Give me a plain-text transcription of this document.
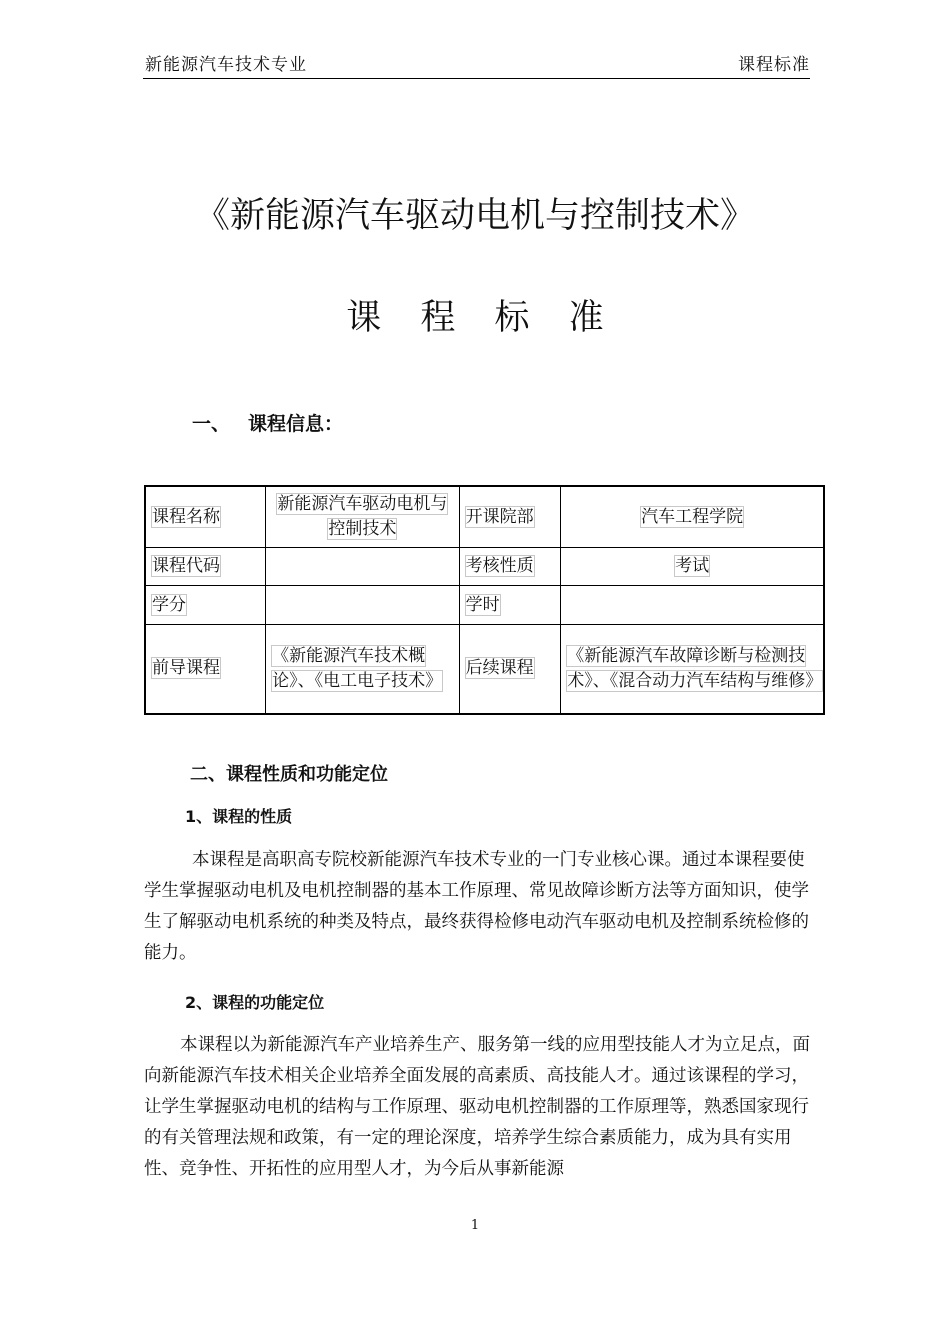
新能源汽车技术专业	课程标准
《新能源汽车驱动电机与控制技术》
课 程 标 准
一、 课程信息：
课程名称	新能源汽车驱动电机与控制技术	开课院部	汽车工程学院
课程代码		考核性质	考试
学分		学时	
前导课程	《新能源汽车技术概论》、《电工电子技术》	后续课程	《新能源汽车故障诊断与检测技术》、《混合动力汽车结构与维修》
二、课程性质和功能定位
1、课程的性质

本课程是高职高专院校新能源汽车技术专业的一门专业核心课。通过本课程要使学生掌握驱动电机及电机控制器的基本工作原理、常见故障诊断方法等方面知识，使学生了解驱动电机系统的种类及特点，最终获得检修电动汽车驱动电机及控制系统检修的能力。

2、课程的功能定位

本课程以为新能源汽车产业培养生产、服务第一线的应用型技能人才为立足点，面向新能源汽车技术相关企业培养全面发展的高素质、高技能人才。通过该课程的学习，让学生掌握驱动电机的结构与工作原理、驱动电机控制器的工作原理等，熟悉国家现行的有关管理法规和政策，有一定的理论深度，培养学生综合素质能力，成为具有实用性、竞争性、开拓性的应用型人才，为今后从事新能源

1
